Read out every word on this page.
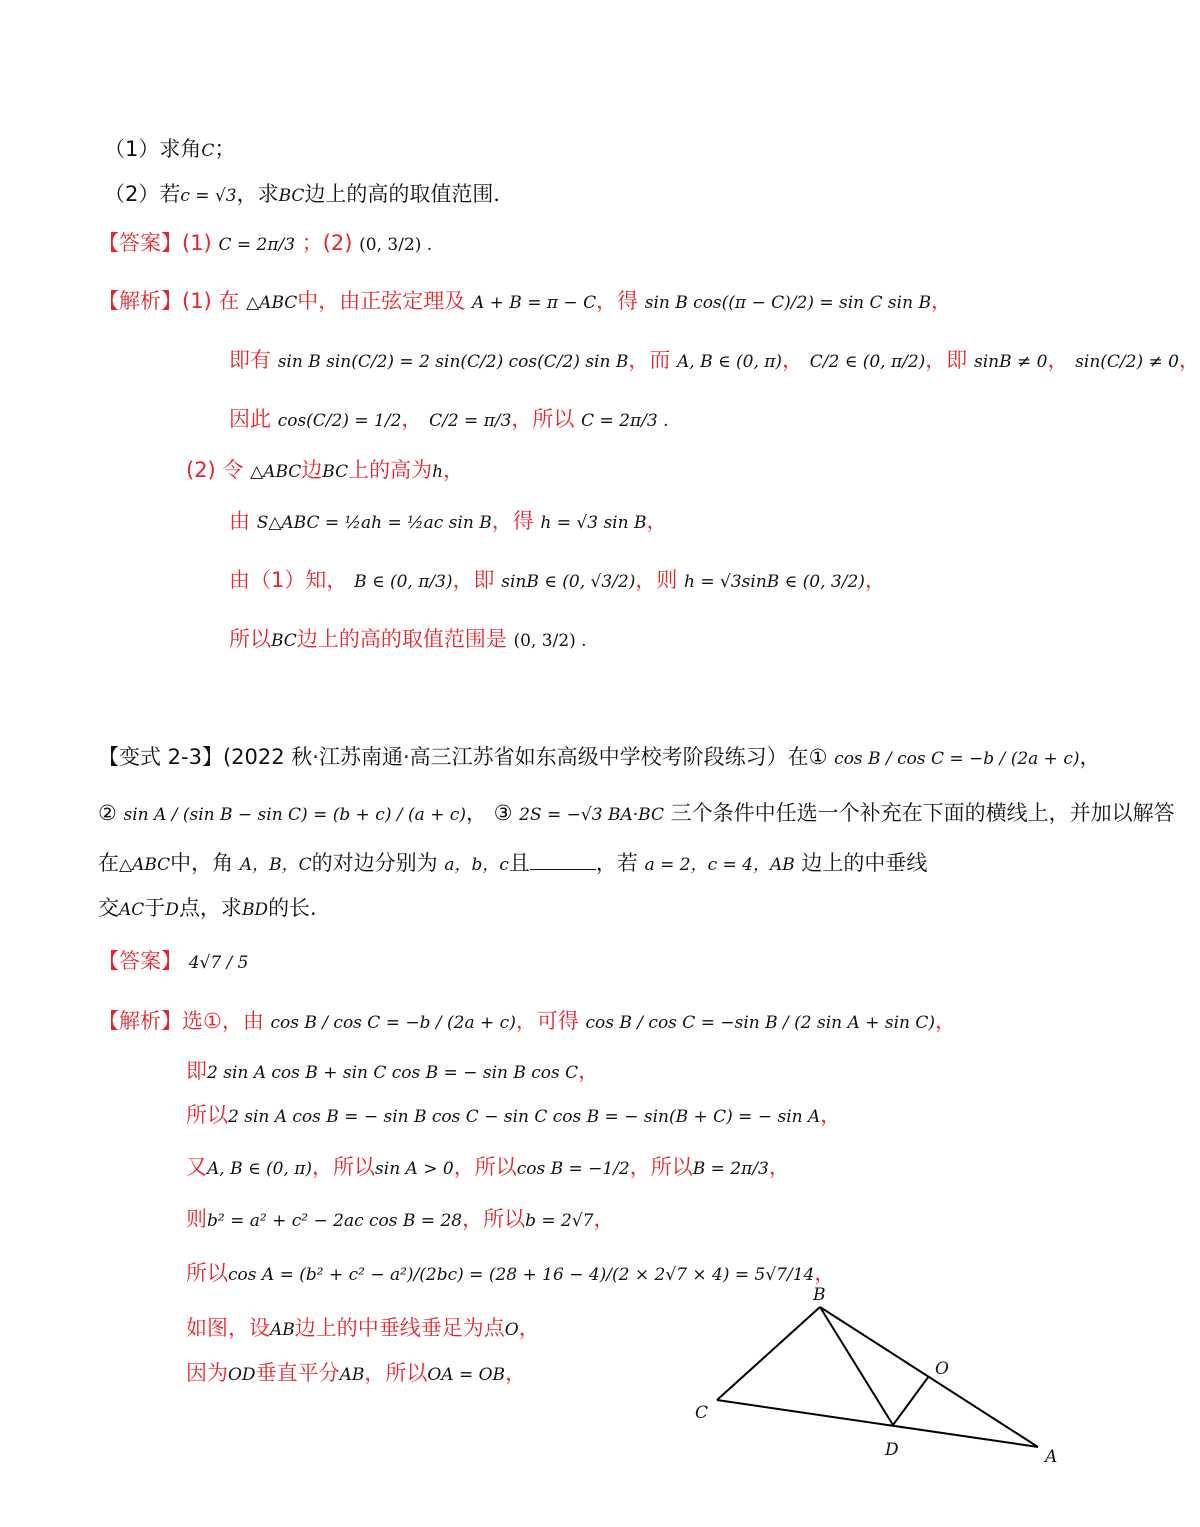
（1）求角C；
（2）若c = √3，求BC边上的高的取值范围．
【答案】(1) C = 2π/3 ；(2) (0, 3/2) .
【解析】(1) 在 △ABC中，由正弦定理及 A + B = π − C，得 sin B cos((π − C)/2) = sin C sin B，
即有 sin B sin(C/2) = 2 sin(C/2) cos(C/2) sin B，而 A, B ∈ (0, π)， C/2 ∈ (0, π/2)，即 sinB ≠ 0， sin(C/2) ≠ 0，
因此 cos(C/2) = 1/2， C/2 = π/3，所以 C = 2π/3 .
(2) 令 △ABC边BC上的高为h，
由 S△ABC = ½ah = ½ac sin B，得 h = √3 sin B，
由（1）知， B ∈ (0, π/3)，即 sinB ∈ (0, √3/2)，则 h = √3sinB ∈ (0, 3/2)，
所以BC边上的高的取值范围是 (0, 3/2) .
【变式 2-3】(2022 秋·江苏南通·高三江苏省如东高级中学校考阶段练习）在① cos B / cos C = −b / (2a + c)，
② sin A / (sin B − sin C) = (b + c) / (a + c)， ③ 2S = −√3 BA·BC 三个条件中任选一个补充在下面的横线上，并加以解答
在△ABC中，角 A，B，C的对边分别为 a，b，c且	，若 a = 2，c = 4，AB 边上的中垂线
交AC于D点，求BD的长.
【答案】 4√7 / 5
【解析】选①，由 cos B / cos C = −b / (2a + c)，可得 cos B / cos C = −sin B / (2 sin A + sin C)，
即2 sin A cos B + sin C cos B = − sin B cos C，
所以2 sin A cos B = − sin B cos C − sin C cos B = − sin(B + C) = − sin A，
又A, B ∈ (0, π)，所以sin A > 0，所以cos B = −1/2，所以B = 2π/3，
则b² = a² + c² − 2ac cos B = 28，所以b = 2√7，
所以cos A = (b² + c² − a²)/(2bc) = (28 + 16 − 4)/(2 × 2√7 × 4) = 5√7/14，
如图，设AB边上的中垂线垂足为点O，
因为OD垂直平分AB，所以OA = OB，
B
C
D
O
A
